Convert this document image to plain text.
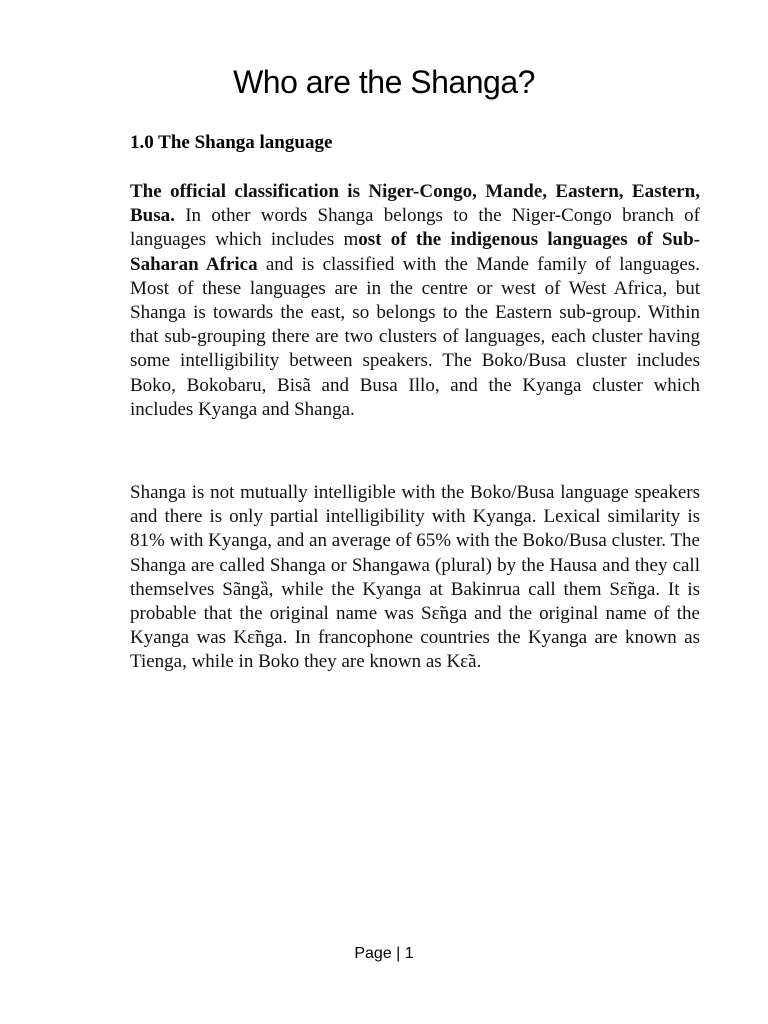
Who are the Shanga?
1.0 The Shanga language

The official classification is Niger-Congo, Mande, Eastern, Eastern, Busa. In other words Shanga belongs to the Niger-Congo branch of languages which includes most of the indigenous languages of Sub-Saharan Africa and is classified with the Mande family of languages. Most of these languages are in the centre or west of West Africa, but Shanga is towards the east, so belongs to the Eastern sub-group. Within that sub-grouping there are two clusters of languages, each cluster having some intelligibility between speakers. The Boko/Busa cluster includes Boko, Bokobaru, Bisã and Busa Illo, and the Kyanga cluster which includes Kyanga and Shanga.

Shanga is not mutually intelligible with the Boko/Busa language speakers and there is only partial intelligibility with Kyanga. Lexical similarity is 81% with Kyanga, and an average of 65% with the Boko/Busa cluster. The Shanga are called Shanga or Shangawa (plural) by the Hausa and they call themselves Sãngȁ, while the Kyanga at Bakinrua call them Sɛ̃nga. It is probable that the original name was Sɛ̃nga and the original name of the Kyanga was Kɛ̃nga. In francophone countries the Kyanga are known as Tienga, while in Boko they are known as Kɛ̃a.

Page | 1
